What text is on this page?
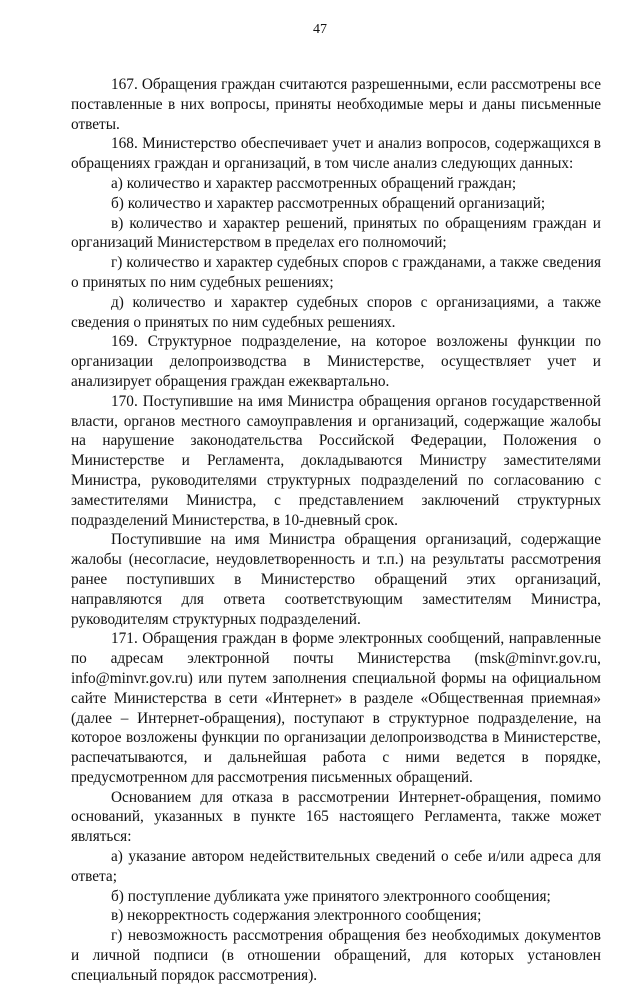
47

167. Обращения граждан считаются разрешенными, если рассмотрены все поставленные в них вопросы, приняты необходимые меры и даны письменные ответы.

168. Министерство обеспечивает учет и анализ вопросов, содержащихся в обращениях граждан и организаций, в том числе анализ следующих данных:

а) количество и характер рассмотренных обращений граждан;

б) количество и характер рассмотренных обращений организаций;

в) количество и характер решений, принятых по обращениям граждан и организаций Министерством в пределах его полномочий;

г) количество и характер судебных споров с гражданами, а также сведения о принятых по ним судебных решениях;

д) количество и характер судебных споров с организациями, а также сведения о принятых по ним судебных решениях.

169. Структурное подразделение, на которое возложены функции по организации делопроизводства в Министерстве, осуществляет учет и анализирует обращения граждан ежеквартально.

170. Поступившие на имя Министра обращения органов государственной власти, органов местного самоуправления и организаций, содержащие жалобы на нарушение законодательства Российской Федерации, Положения о Министерстве и Регламента, докладываются Министру заместителями Министра, руководителями структурных подразделений по согласованию с заместителями Министра, с представлением заключений структурных подразделений Министерства, в 10-дневный срок.

Поступившие на имя Министра обращения организаций, содержащие жалобы (несогласие, неудовлетворенность и т.п.) на результаты рассмотрения ранее поступивших в Министерство обращений этих организаций, направляются для ответа соответствующим заместителям Министра, руководителям структурных подразделений.

171. Обращения граждан в форме электронных сообщений, направленные по адресам электронной почты Министерства (msk@minvr.gov.ru, info@minvr.gov.ru) или путем заполнения специальной формы на официальном сайте Министерства в сети «Интернет» в разделе «Общественная приемная» (далее – Интернет-обращения), поступают в структурное подразделение, на которое возложены функции по организации делопроизводства в Министерстве, распечатываются, и дальнейшая работа с ними ведется в порядке, предусмотренном для рассмотрения письменных обращений.

Основанием для отказа в рассмотрении Интернет-обращения, помимо оснований, указанных в пункте 165 настоящего Регламента, также может являться:

а) указание автором недействительных сведений о себе и/или адреса для ответа;

б) поступление дубликата уже принятого электронного сообщения;

в) некорректность содержания электронного сообщения;

г) невозможность рассмотрения обращения без необходимых документов и личной подписи (в отношении обращений, для которых установлен специальный порядок рассмотрения).
